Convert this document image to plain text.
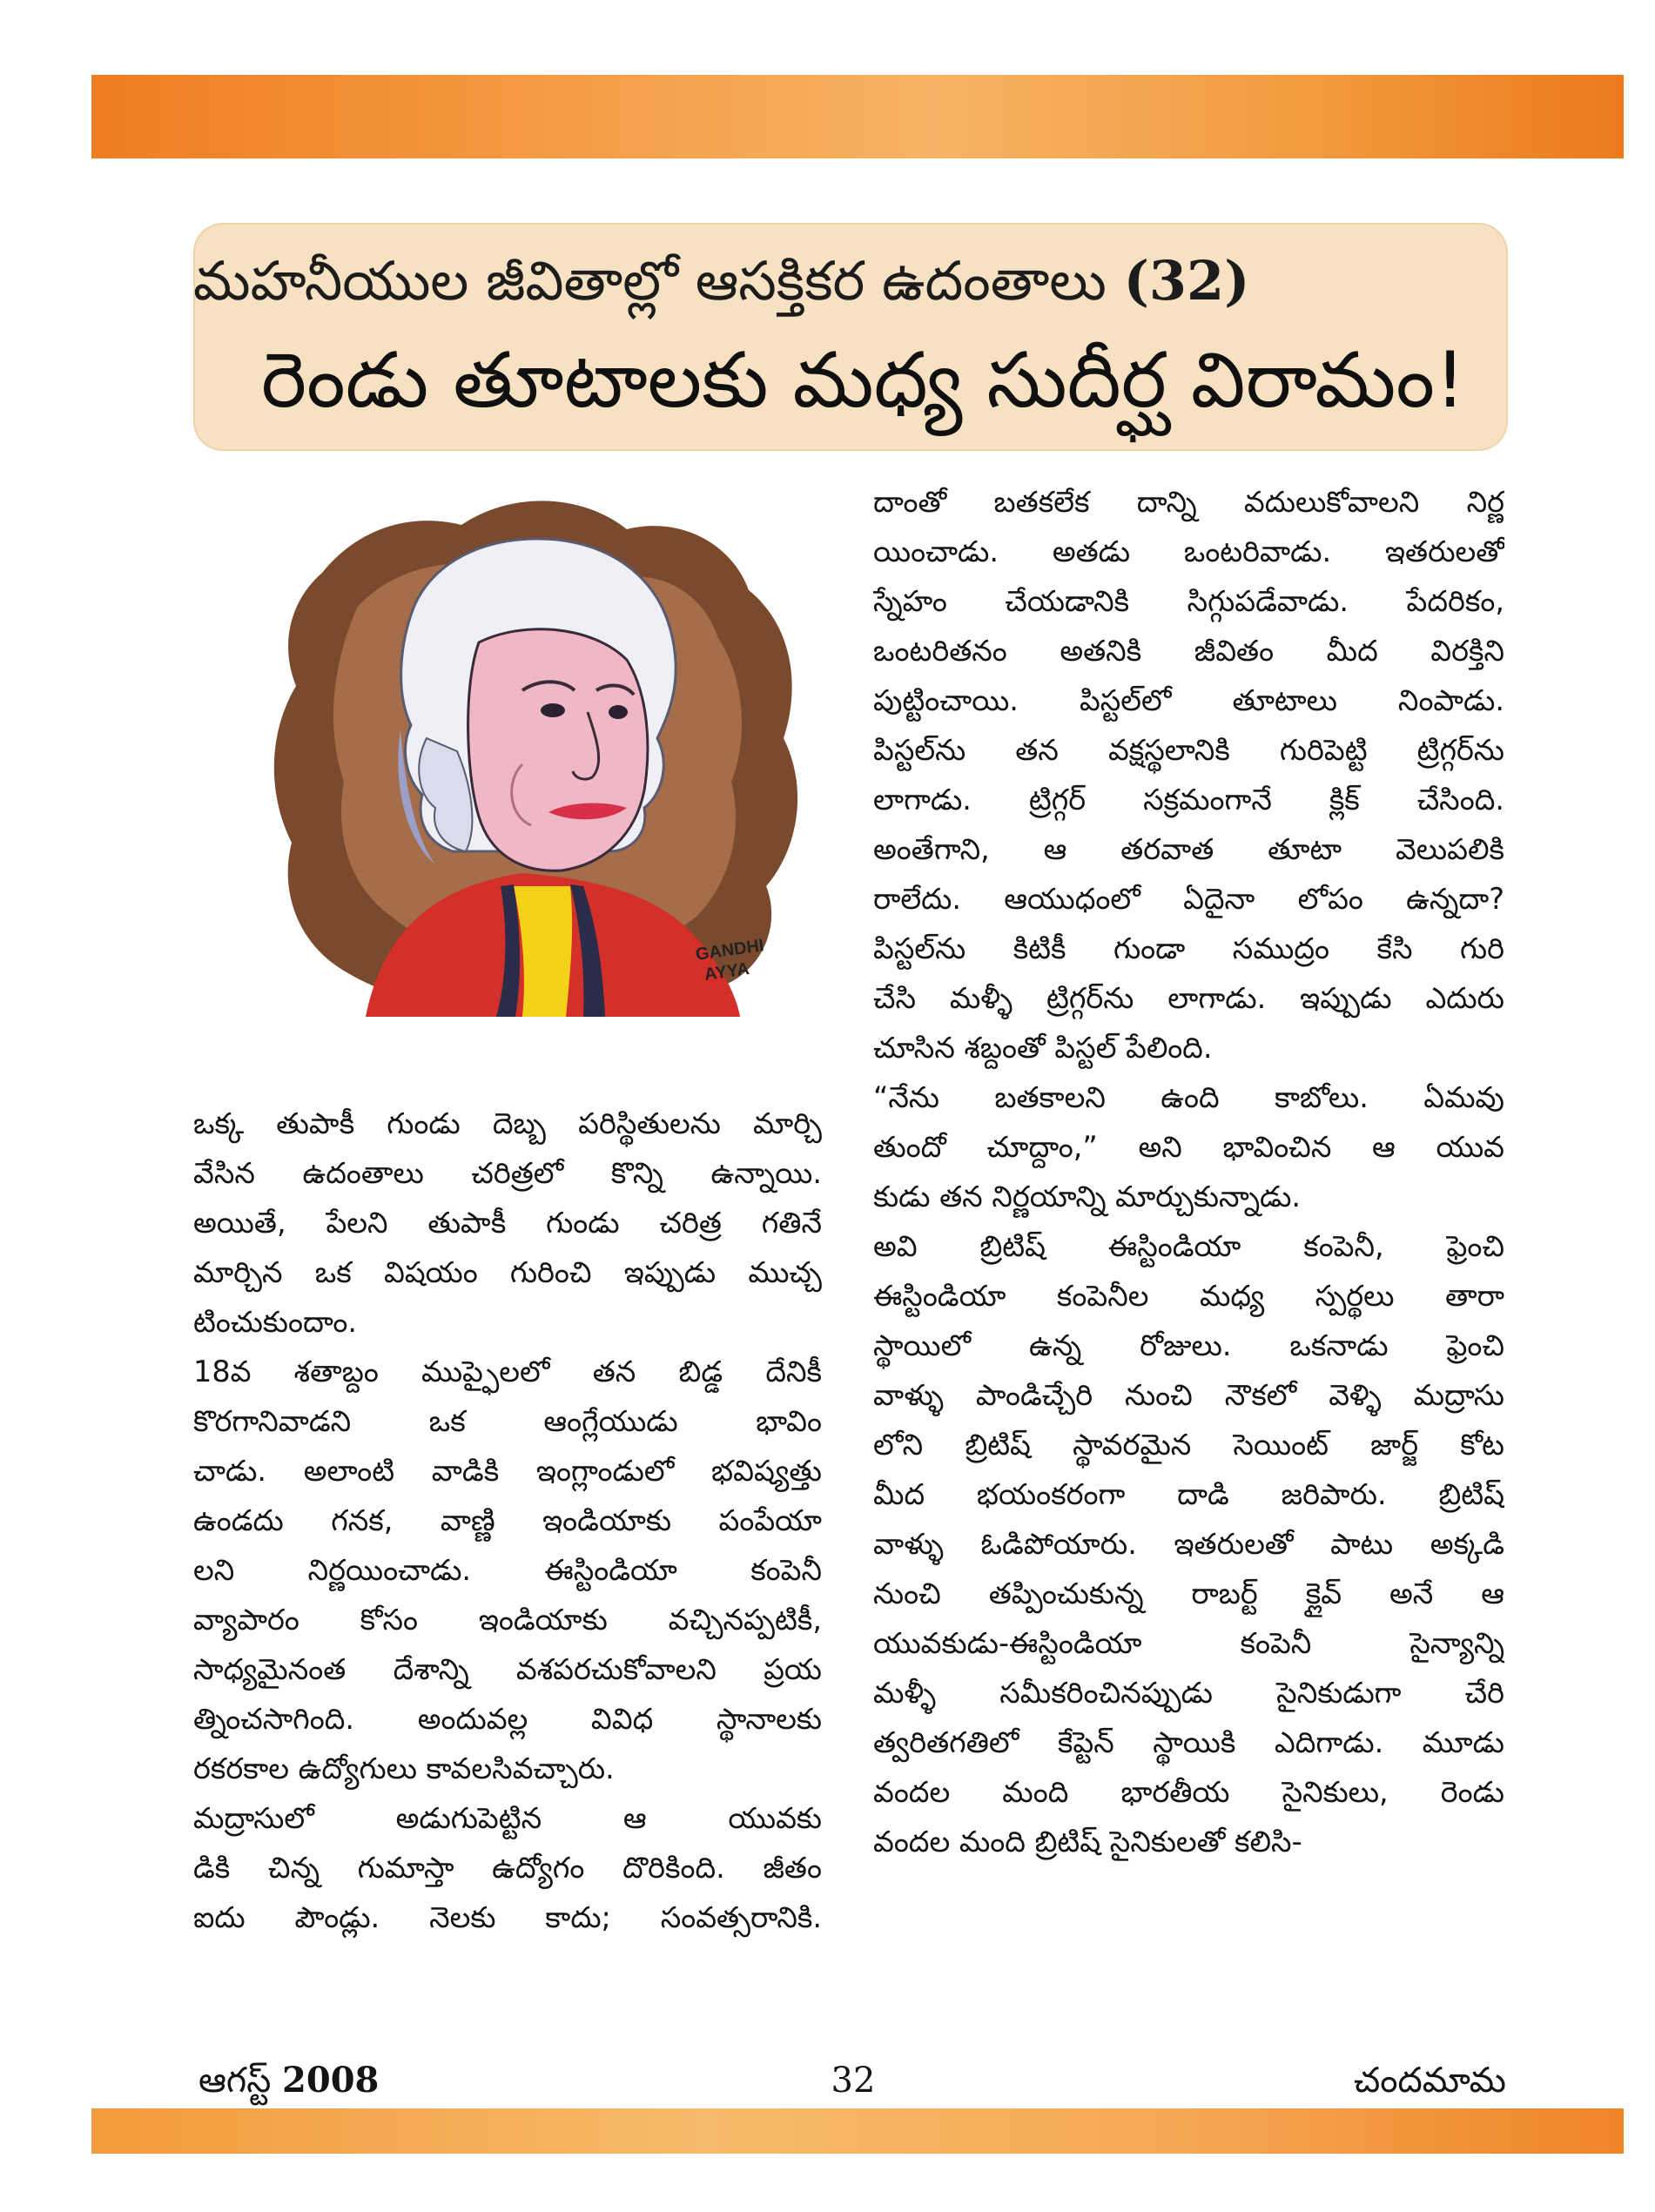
మహనీయుల జీవితాల్లో ఆసక్తికర ఉదంతాలు (32)
రెండు తూటాలకు మధ్య సుదీర్ఘ విరామం!
GANDHI
AYYA
ఒక్క తుపాకీ గుండు దెబ్బ పరిస్థితులను మార్చి
వేసిన ఉదంతాలు చరిత్రలో కొన్ని ఉన్నాయి.
అయితే, పేలని తుపాకీ గుండు చరిత్ర గతినే
మార్చిన ఒక విషయం గురించి ఇప్పుడు ముచ్చ
టించుకుందాం.
18వ శతాబ్దం ముప్ఫైలలో తన బిడ్డ దేనికీ
కొరగానివాడని ఒక ఆంగ్లేయుడు భావిం
చాడు. అలాంటి వాడికి ఇంగ్లాండులో భవిష్యత్తు
ఉండదు గనక, వాణ్ణి ఇండియాకు పంపేయా
లని నిర్ణయించాడు. ఈస్టిండియా కంపెనీ
వ్యాపారం కోసం ఇండియాకు వచ్చినప్పటికీ,
సాధ్యమైనంత దేశాన్ని వశపరచుకోవాలని ప్రయ
త్నించసాగింది. అందువల్ల వివిధ స్థానాలకు
రకరకాల ఉద్యోగులు కావలసివచ్చారు.
మద్రాసులో అడుగుపెట్టిన ఆ యువకు
డికి చిన్న గుమాస్తా ఉద్యోగం దొరికింది. జీతం
ఐదు పౌండ్లు. నెలకు కాదు; సంవత్సరానికి.
దాంతో బతకలేక దాన్ని వదులుకోవాలని నిర్ణ
యించాడు. అతడు ఒంటరివాడు. ఇతరులతో
స్నేహం చేయడానికి సిగ్గుపడేవాడు. పేదరికం,
ఒంటరితనం అతనికి జీవితం మీద విరక్తిని
పుట్టించాయి. పిస్టల్‌లో తూటాలు నింపాడు.
పిస్టల్‌ను తన వక్షస్థలానికి గురిపెట్టి ట్రిగ్గర్‌ను
లాగాడు. ట్రిగ్గర్ సక్రమంగానే క్లిక్ చేసింది.
అంతేగాని, ఆ తరవాత తూటా వెలుపలికి
రాలేదు. ఆయుధంలో ఏదైనా లోపం ఉన్నదా?
పిస్టల్‌ను కిటికీ గుండా సముద్రం కేసి గురి
చేసి మళ్ళీ ట్రిగ్గర్‌ను లాగాడు. ఇప్పుడు ఎదురు
చూసిన శబ్దంతో పిస్టల్ పేలింది.
“నేను బతకాలని ఉంది కాబోలు. ఏమవు
తుందో చూద్దాం,” అని భావించిన ఆ యువ
కుడు తన నిర్ణయాన్ని మార్చుకున్నాడు.
అవి బ్రిటిష్ ఈస్టిండియా కంపెనీ, ఫ్రెంచి
ఈస్టిండియా కంపెనీల మధ్య స్పర్థలు తారా
స్థాయిలో ఉన్న రోజులు. ఒకనాడు ఫ్రెంచి
వాళ్ళు పాండిచ్చేరి నుంచి నౌకలో వెళ్ళి మద్రాసు
లోని బ్రిటిష్ స్థావరమైన సెయింట్ జార్జ్ కోట
మీద భయంకరంగా దాడి జరిపారు. బ్రిటిష్
వాళ్ళు ఓడిపోయారు. ఇతరులతో పాటు అక్కడి
నుంచి తప్పించుకున్న రాబర్ట్ క్లైవ్ అనే ఆ
యువకుడు-ఈస్టిండియా కంపెనీ సైన్యాన్ని
మళ్ళీ సమీకరించినప్పుడు సైనికుడుగా చేరి
త్వరితగతిలో కేప్టెన్ స్థాయికి ఎదిగాడు. మూడు
వందల మంది భారతీయ సైనికులు, రెండు
వందల మంది బ్రిటిష్ సైనికులతో కలిసి-
ఆగస్ట్ 2008	32	చందమామ
